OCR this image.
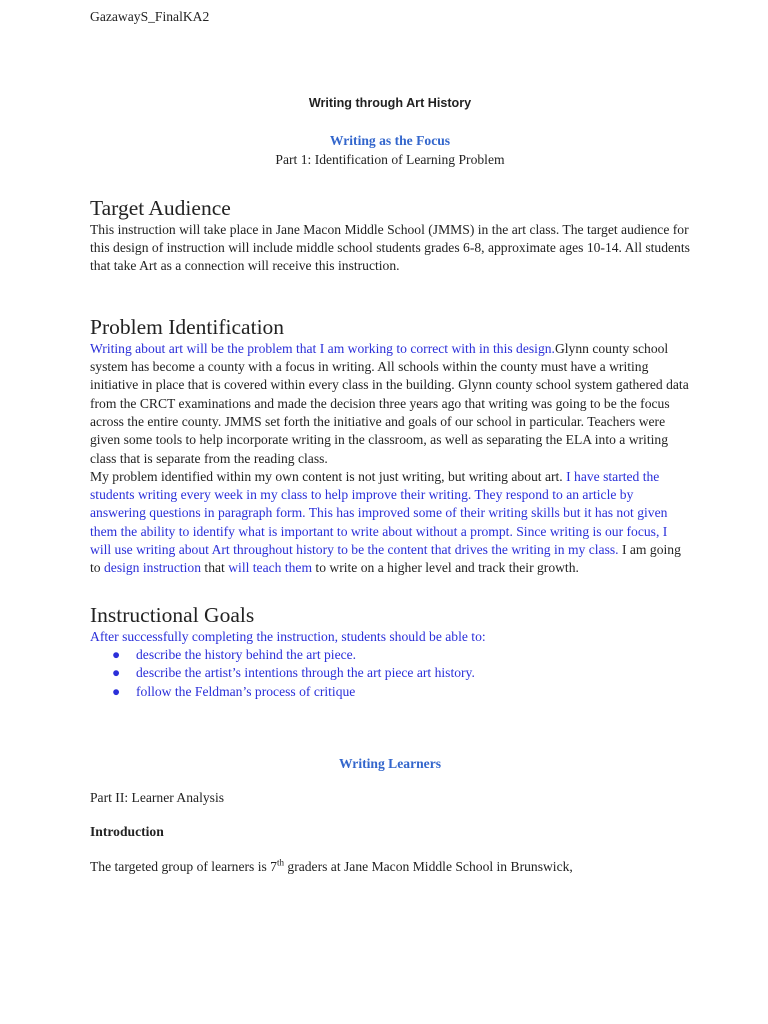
GazawayS_FinalKA2

Writing through Art History

Writing as the Focus

Part 1: Identification of Learning Problem

Target Audience

This instruction will take place in Jane Macon Middle School (JMMS) in the art class. The target audience for this design of instruction will include middle school students grades 6-8, approximate ages 10-14. All students that take Art as a connection will receive this instruction.

Problem Identification

Writing about art will be the problem that I am working to correct with in this design.Glynn county school system has become a county with a focus in writing. All schools within the county must have a writing initiative in place that is covered within every class in the building. Glynn county school system gathered data from the CRCT examinations and made the decision three years ago that writing was going to be the focus across the entire county. JMMS set forth the initiative and goals of our school in particular. Teachers were given some tools to help incorporate writing in the classroom, as well as separating the ELA into a writing class that is separate from the reading class.

My problem identified within my own content is not just writing, but writing about art. I have started the students writing every week in my class to help improve their writing. They respond to an article by answering questions in paragraph form. This has improved some of their writing skills but it has not given them the ability to identify what is important to write about without a prompt. Since writing is our focus, I will use writing about Art throughout history to be the content that drives the writing in my class. I am going to design instruction that will teach them to write on a higher level and track their growth.

Instructional Goals

After successfully completing the instruction, students should be able to:

● describe the history behind the art piece.
● describe the artist’s intentions through the art piece art history.
● follow the Feldman’s process of critique

Writing Learners

Part II: Learner Analysis

Introduction

The targeted group of learners is 7th graders at Jane Macon Middle School in Brunswick,
